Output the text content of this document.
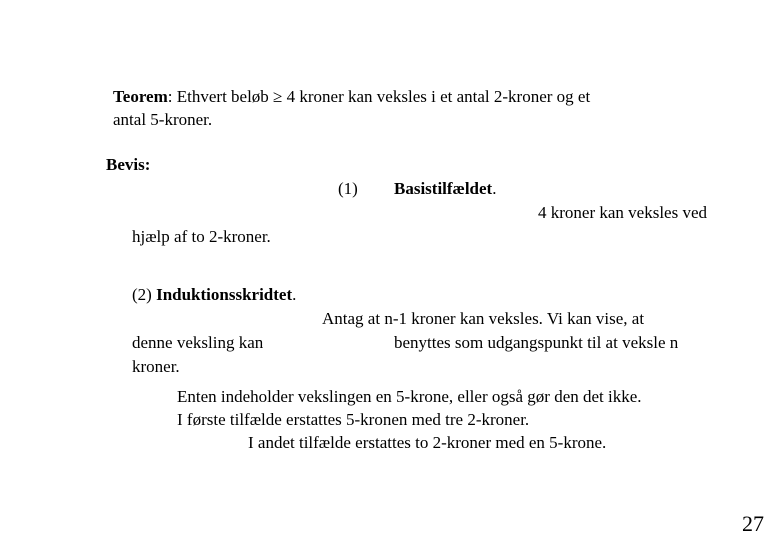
Teorem: Ethvert beløb ≥ 4 kroner kan veksles i et antal 2-kroner og et
antal 5-kroner.
Bevis:
(1) Basistilfældet.
4 kroner kan veksles ved
hjælp af to 2-kroner.
(2) Induktionsskridtet.
Antag at n-1 kroner kan veksles. Vi kan vise, at
denne veksling kan	benyttes som udgangspunkt til at veksle n
kroner.
Enten indeholder vekslingen en 5-krone, eller også gør den det ikke.
I første tilfælde erstattes 5-kronen med tre 2-kroner.
I andet tilfælde erstattes to 2-kroner med en 5-krone.
27
